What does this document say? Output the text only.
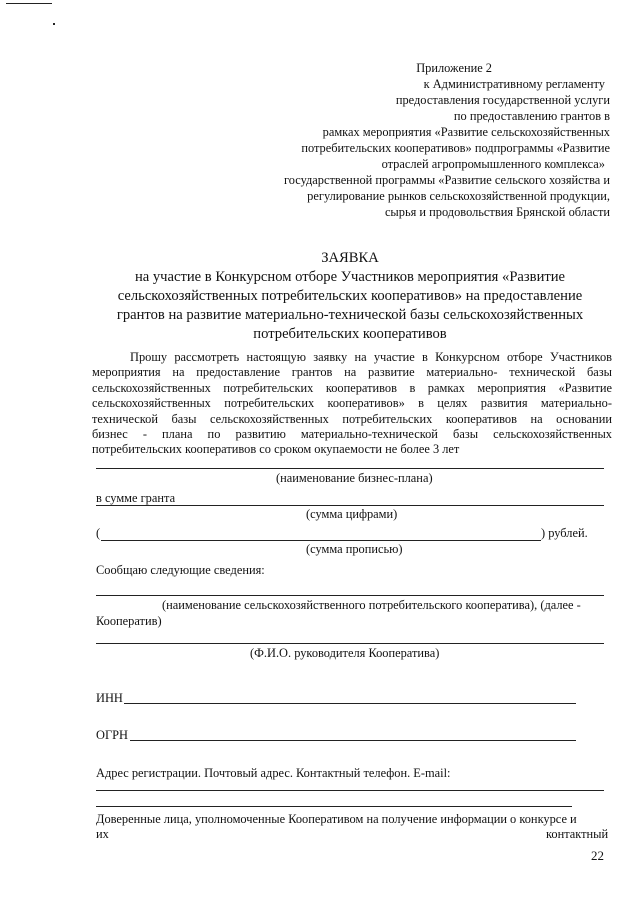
Приложение 2
к Административному регламенту
предоставления государственной услуги
по предоставлению грантов в
рамках мероприятия «Развитие сельскохозяйственных
потребительских кооперативов» подпрограммы «Развитие
отраслей агропромышленного комплекса»
государственной программы «Развитие сельского хозяйства и
регулирование рынков сельскохозяйственной продукции,
сырья и продовольствия Брянской области
ЗАЯВКА
на участие в Конкурсном отборе Участников мероприятия «Развитие
сельскохозяйственных потребительских кооперативов» на предоставление
грантов на развитие материально-технической базы сельскохозяйственных
потребительских кооперативов
Прошу рассмотреть настоящую заявку на участие в Конкурсном отборе Участников
мероприятия на предоставление грантов на развитие материально- технической базы
сельскохозяйственных потребительских кооперативов в рамках мероприятия «Развитие
сельскохозяйственных потребительских кооперативов» в целях развития материально-
технической базы сельскохозяйственных потребительских кооперативов на основании
бизнес - плана по развитию материально-технической базы сельскохозяйственных
потребительских кооперативов со сроком окупаемости не более 3 лет
(наименование бизнес-плана)
в сумме гранта
(сумма цифрами)
(	) рублей.
(сумма прописью)
Сообщаю следующие сведения:
(наименование сельскохозяйственного потребительского кооператива), (далее -
Кооператив)
(Ф.И.О. руководителя Кооператива)
ИНН
ОГРН
Адрес регистрации. Почтовый адрес. Контактный телефон. E-mail:
Доверенные лица, уполномоченные Кооперативом на получение информации о конкурсе и
их	контактный
22
